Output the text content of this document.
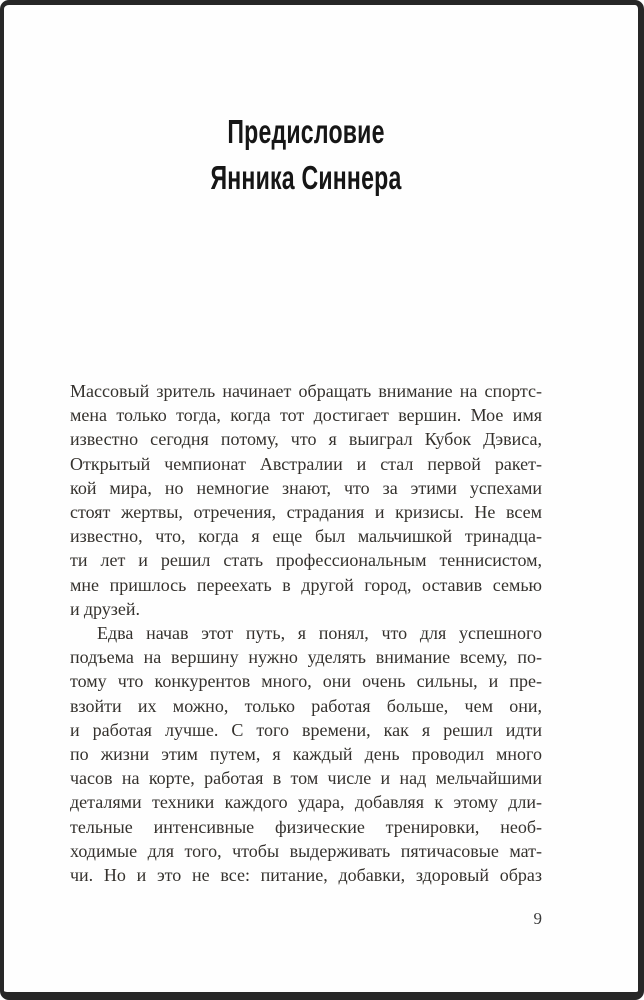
Предисловие
Янника Синнера
Массовый зритель начинает обращать внимание на спортс-
мена только тогда, когда тот достигает вершин. Мое имя
известно сегодня потому, что я выиграл Кубок Дэвиса,
Открытый чемпионат Австралии и стал первой ракет-
кой мира, но немногие знают, что за этими успехами
стоят жертвы, отречения, страдания и кризисы. Не всем
известно, что, когда я еще был мальчишкой тринадца-
ти лет и решил стать профессиональным теннисистом,
мне пришлось переехать в другой город, оставив семью
и друзей.
Едва начав этот путь, я понял, что для успешного
подъема на вершину нужно уделять внимание всему, по-
тому что конкурентов много, они очень сильны, и пре-
взойти их можно, только работая больше, чем они,
и работая лучше. С того времени, как я решил идти
по жизни этим путем, я каждый день проводил много
часов на корте, работая в том числе и над мельчайшими
деталями техники каждого удара, добавляя к этому дли-
тельные интенсивные физические тренировки, необ-
ходимые для того, чтобы выдерживать пятичасовые мат-
чи. Но и это не все: питание, добавки, здоровый образ
9
